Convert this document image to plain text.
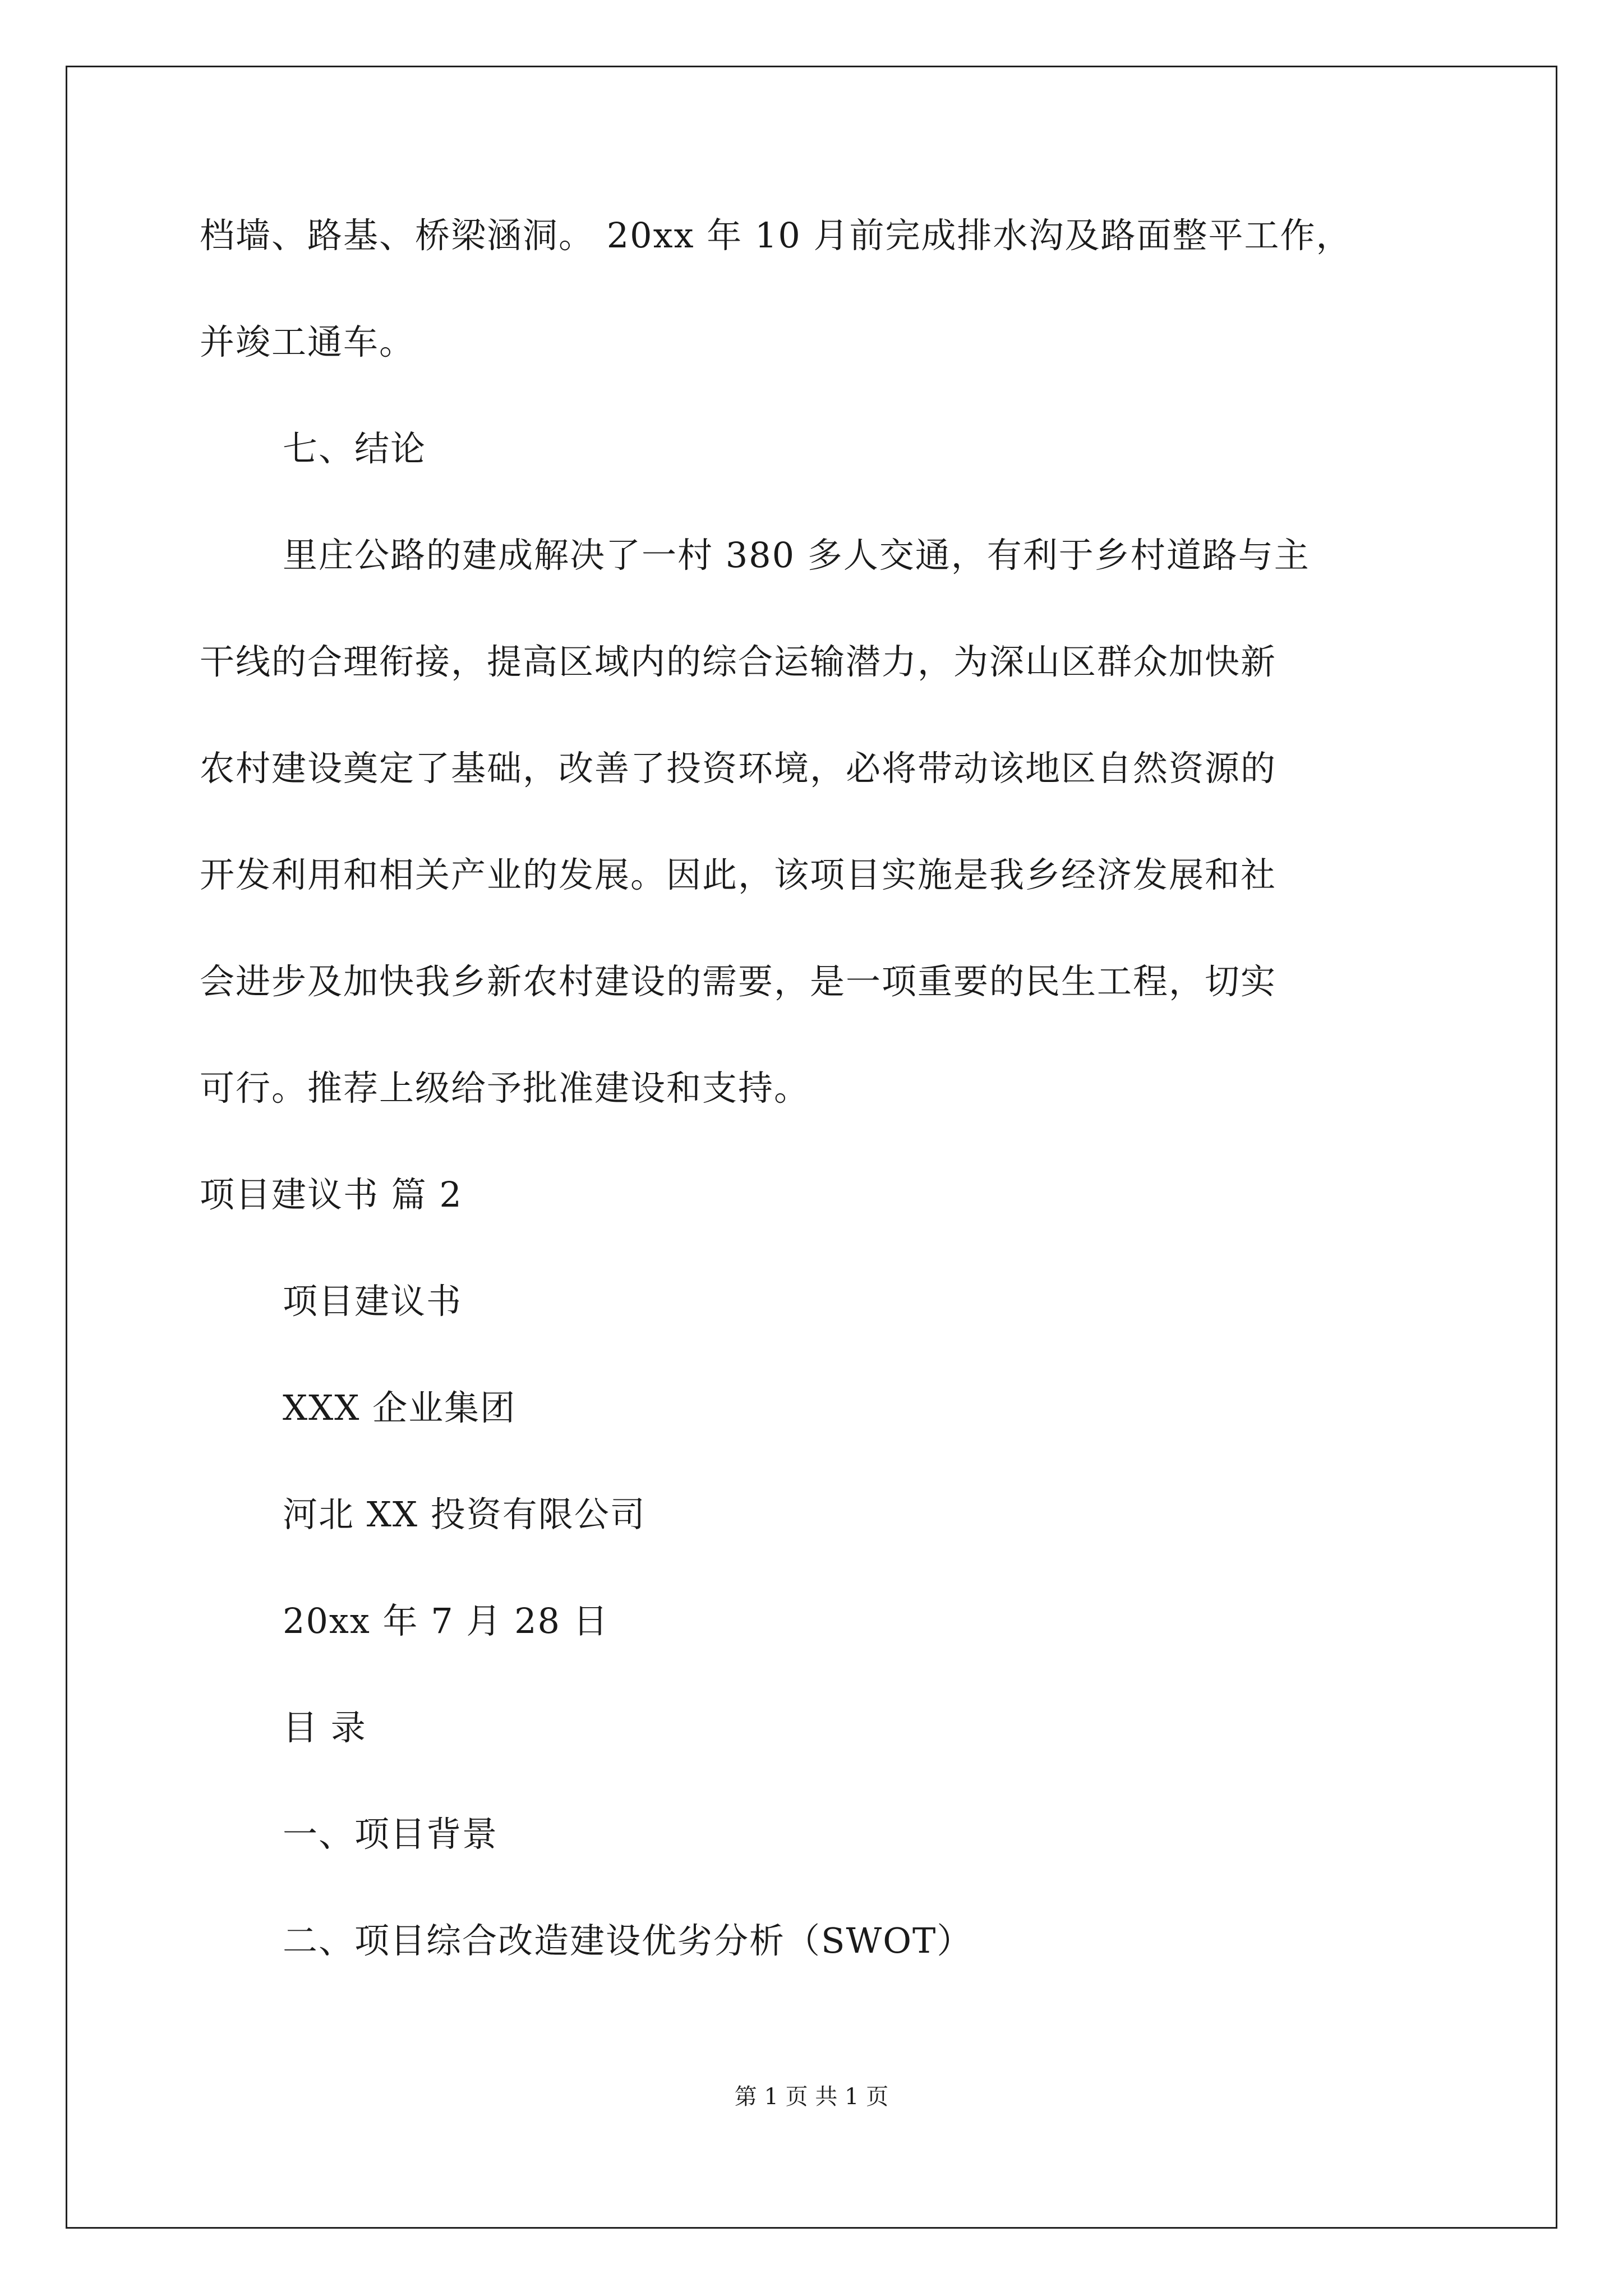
档墙、路基、桥梁涵洞。 20xx 年 10 月前完成排水沟及路面整平工作，
并竣工通车。
七、结论
里庄公路的建成解决了一村 380 多人交通，有利于乡村道路与主
干线的合理衔接，提高区域内的综合运输潜力，为深山区群众加快新
农村建设奠定了基础，改善了投资环境，必将带动该地区自然资源的
开发利用和相关产业的发展。因此，该项目实施是我乡经济发展和社
会进步及加快我乡新农村建设的需要，是一项重要的民生工程，切实
可行。推荐上级给予批准建设和支持。
项目建议书 篇 2
项目建议书
XXX 企业集团
河北 XX 投资有限公司
20xx 年 7 月 28 日
目 录
一、项目背景
二、项目综合改造建设优劣分析（SWOT）
第 1 页 共 1 页
